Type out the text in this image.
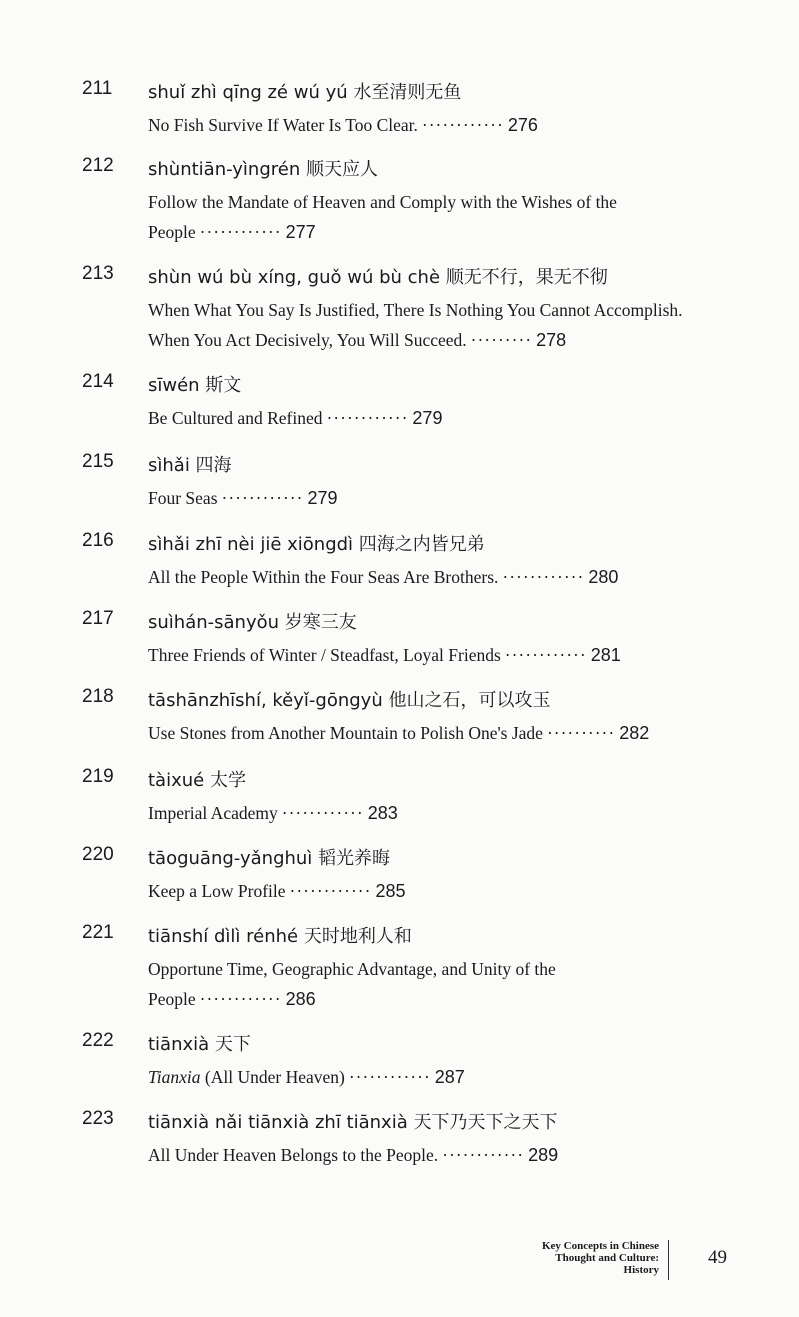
211 shuǐ zhì qīng zé wú yú 水至清则无鱼
No Fish Survive If Water Is Too Clear. ············ 276
212 shùntiān-yìngrén 顺天应人
Follow the Mandate of Heaven and Comply with the Wishes of the People ············ 277
213 shùn wú bù xíng, guǒ wú bù chè 顺无不行，果无不彻
When What You Say Is Justified, There Is Nothing You Cannot Accomplish. When You Act Decisively, You Will Succeed. ········· 278
214 sīwén 斯文
Be Cultured and Refined ············ 279
215 sìhǎi 四海
Four Seas ············ 279
216 sìhǎi zhī nèi jiē xiōngdì 四海之内皆兄弟
All the People Within the Four Seas Are Brothers. ············ 280
217 suìhán-sānyǒu 岁寒三友
Three Friends of Winter / Steadfast, Loyal Friends ············ 281
218 tāshānzhīshí, kěyǐ-gōngyù 他山之石，可以攻玉
Use Stones from Another Mountain to Polish One's Jade ·········· 282
219 tàixué 太学
Imperial Academy ············ 283
220 tāoguāng-yǎnghuì 韬光养晦
Keep a Low Profile ············ 285
221 tiānshí dìlì rénhé 天时地利人和
Opportune Time, Geographic Advantage, and Unity of the People ············ 286
222 tiānxià 天下
Tianxia (All Under Heaven) ············ 287
223 tiānxià nǎi tiānxià zhī tiānxià 天下乃天下之天下
All Under Heaven Belongs to the People. ············ 289
Key Concepts in Chinese
Thought and Culture:
History
49
